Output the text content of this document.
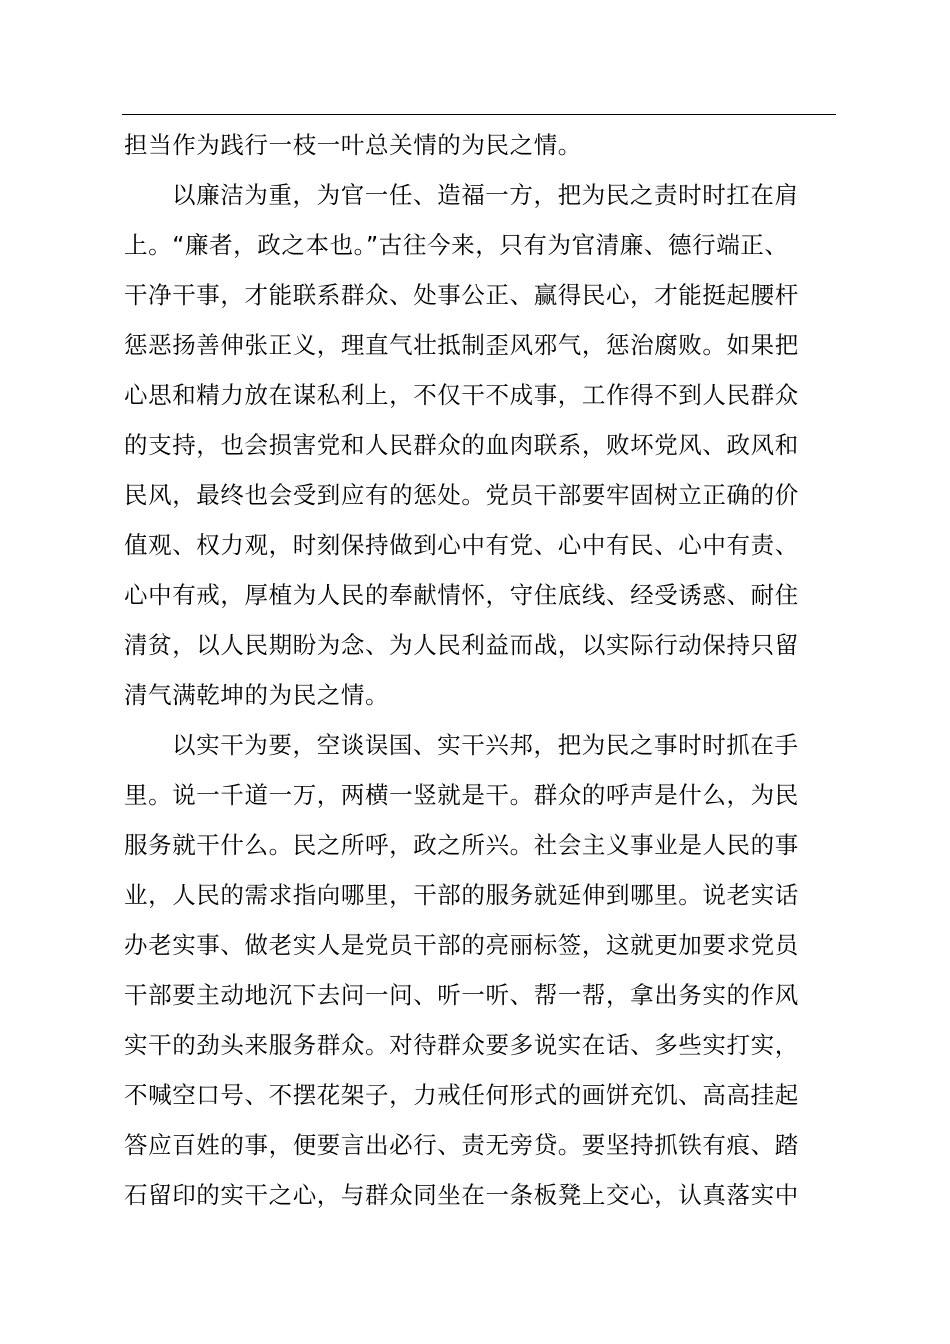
担当作为践行一枝一叶总关情的为民之情。
以廉洁为重，为官一任、造福一方，把为民之责时时扛在肩
上。“廉者，政之本也。”古往今来，只有为官清廉、德行端正、
干净干事，才能联系群众、处事公正、赢得民心，才能挺起腰杆
惩恶扬善伸张正义，理直气壮抵制歪风邪气，惩治腐败。如果把
心思和精力放在谋私利上，不仅干不成事，工作得不到人民群众
的支持，也会损害党和人民群众的血肉联系，败坏党风、政风和
民风，最终也会受到应有的惩处。党员干部要牢固树立正确的价
值观、权力观，时刻保持做到心中有党、心中有民、心中有责、
心中有戒，厚植为人民的奉献情怀，守住底线、经受诱惑、耐住
清贫，以人民期盼为念、为人民利益而战，以实际行动保持只留
清气满乾坤的为民之情。
以实干为要，空谈误国、实干兴邦，把为民之事时时抓在手
里。说一千道一万，两横一竖就是干。群众的呼声是什么，为民
服务就干什么。民之所呼，政之所兴。社会主义事业是人民的事
业，人民的需求指向哪里，干部的服务就延伸到哪里。说老实话
办老实事、做老实人是党员干部的亮丽标签，这就更加要求党员
干部要主动地沉下去问一问、听一听、帮一帮，拿出务实的作风
实干的劲头来服务群众。对待群众要多说实在话、多些实打实，
不喊空口号、不摆花架子，力戒任何形式的画饼充饥、高高挂起
答应百姓的事，便要言出必行、责无旁贷。要坚持抓铁有痕、踏
石留印的实干之心，与群众同坐在一条板凳上交心，认真落实中
